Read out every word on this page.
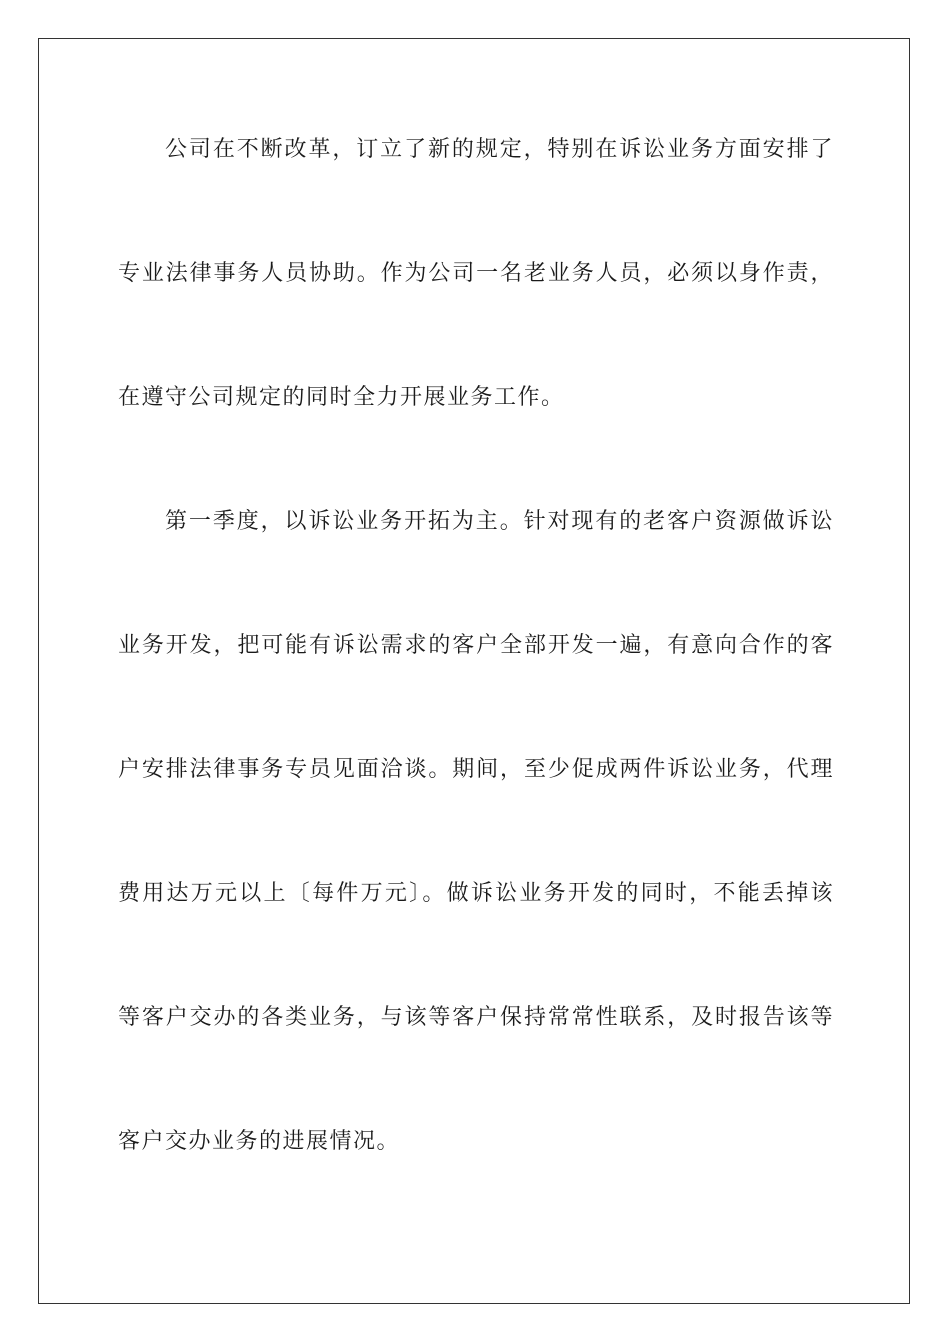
公司在不断改革，订立了新的规定，特别在诉讼业务方面安排了
专业法律事务人员协助。作为公司一名老业务人员，必须以身作责，
在遵守公司规定的同时全力开展业务工作。
第一季度，以诉讼业务开拓为主。针对现有的老客户资源做诉讼
业务开发，把可能有诉讼需求的客户全部开发一遍，有意向合作的客
户安排法律事务专员见面洽谈。期间，至少促成两件诉讼业务，代理
费用达万元以上〔每件万元〕。做诉讼业务开发的同时，不能丢掉该
等客户交办的各类业务，与该等客户保持常常性联系，及时报告该等
客户交办业务的进展情况。
